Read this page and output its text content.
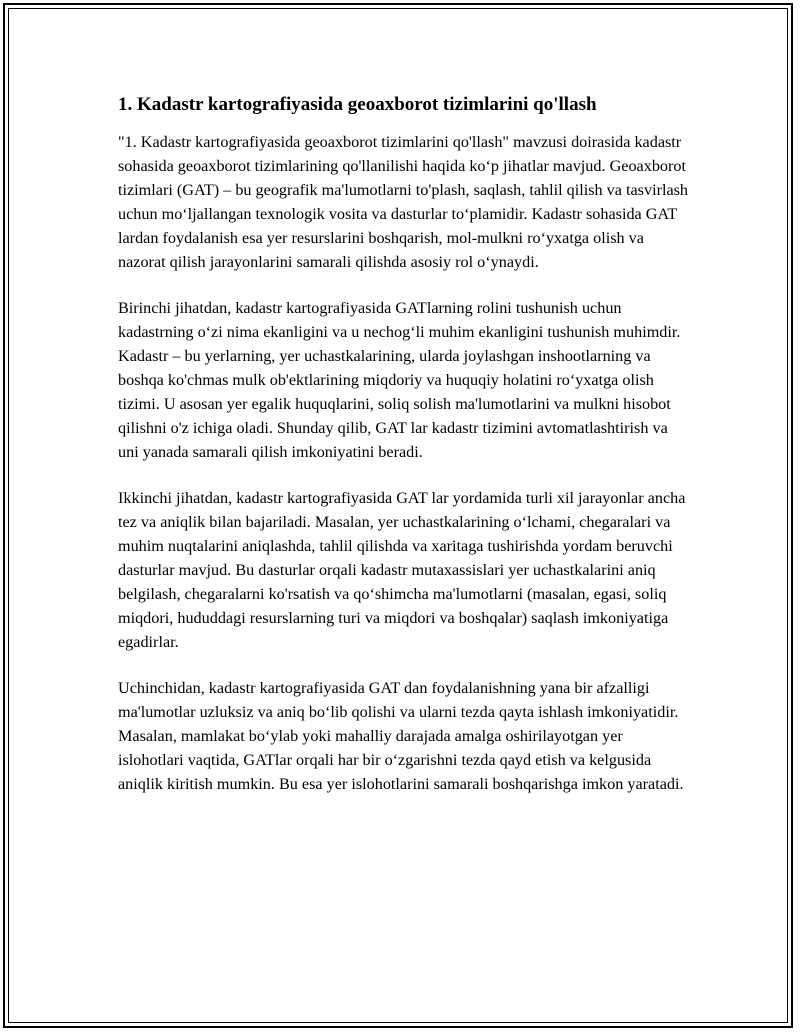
1. Kadastr kartografiyasida geoaxborot tizimlarini qo'llash

"1. Kadastr kartografiyasida geoaxborot tizimlarini qo'llash" mavzusi doirasida kadastr sohasida geoaxborot tizimlarining qo'llanilishi haqida ko‘p jihatlar mavjud. Geoaxborot tizimlari (GAT) – bu geografik ma'lumotlarni to'plash, saqlash, tahlil qilish va tasvirlash uchun mo‘ljallangan texnologik vosita va dasturlar to‘plamidir. Kadastr sohasida GAT lardan foydalanish esa yer resurslarini boshqarish, mol-mulkni ro‘yxatga olish va nazorat qilish jarayonlarini samarali qilishda asosiy rol o‘ynaydi.

Birinchi jihatdan, kadastr kartografiyasida GATlarning rolini tushunish uchun kadastrning o‘zi nima ekanligini va u nechog‘li muhim ekanligini tushunish muhimdir. Kadastr – bu yerlarning, yer uchastkalarining, ularda joylashgan inshootlarning va boshqa ko'chmas mulk ob'ektlarining miqdoriy va huquqiy holatini ro‘yxatga olish tizimi. U asosan yer egalik huquqlarini, soliq solish ma'lumotlarini va mulkni hisobot qilishni o'z ichiga oladi. Shunday qilib, GAT lar kadastr tizimini avtomatlashtirish va uni yanada samarali qilish imkoniyatini beradi.

Ikkinchi jihatdan, kadastr kartografiyasida GAT lar yordamida turli xil jarayonlar ancha tez va aniqlik bilan bajariladi. Masalan, yer uchastkalarining o‘lchami, chegaralari va muhim nuqtalarini aniqlashda, tahlil qilishda va xaritaga tushirishda yordam beruvchi dasturlar mavjud. Bu dasturlar orqali kadastr mutaxassislari yer uchastkalarini aniq belgilash, chegaralarni ko'rsatish va qo‘shimcha ma'lumotlarni (masalan, egasi, soliq miqdori, hududdagi resurslarning turi va miqdori va boshqalar) saqlash imkoniyatiga egadirlar.

Uchinchidan, kadastr kartografiyasida GAT dan foydalanishning yana bir afzalligi ma'lumotlar uzluksiz va aniq bo‘lib qolishi va ularni tezda qayta ishlash imkoniyatidir. Masalan, mamlakat bo‘ylab yoki mahalliy darajada amalga oshirilayotgan yer islohotlari vaqtida, GATlar orqali har bir o‘zgarishni tezda qayd etish va kelgusida aniqlik kiritish mumkin. Bu esa yer islohotlarini samarali boshqarishga imkon yaratadi.
